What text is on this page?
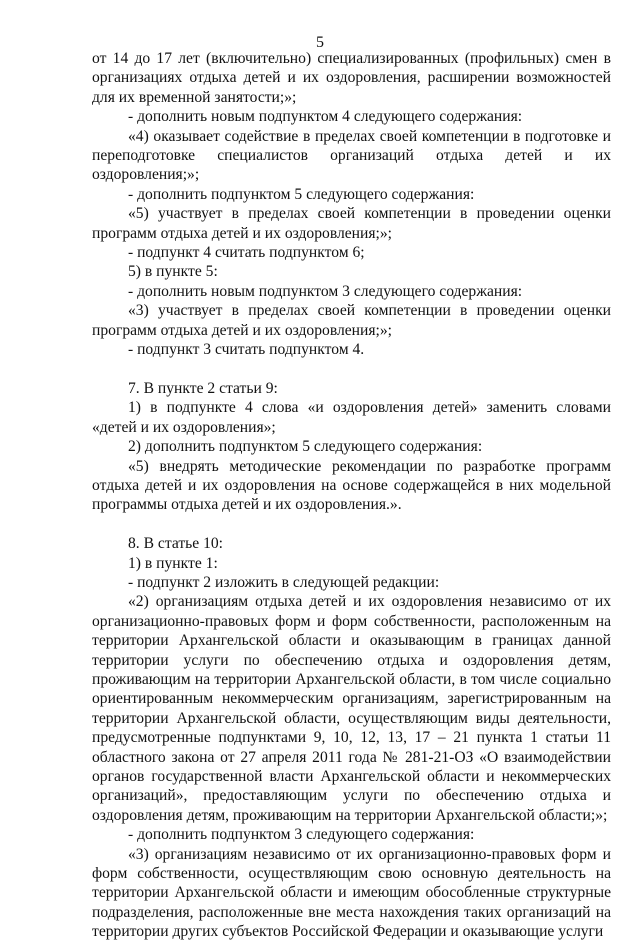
5

от 14 до 17 лет (включительно) специализированных (профильных) смен в организациях отдыха детей и их оздоровления, расширении возможностей для их временной занятости;»;

- дополнить новым подпунктом 4 следующего содержания:

«4) оказывает содействие в пределах своей компетенции в подготовке и переподготовке специалистов организаций отдыха детей и их оздоровления;»;

- дополнить подпунктом 5 следующего содержания:

«5) участвует в пределах своей компетенции в проведении оценки программ отдыха детей и их оздоровления;»;

- подпункт 4 считать подпунктом 6;

5) в пункте 5:

- дополнить новым подпунктом 3 следующего содержания:

«3) участвует в пределах своей компетенции в проведении оценки программ отдыха детей и их оздоровления;»;

- подпункт 3 считать подпунктом 4.

7. В пункте 2 статьи 9:

1) в подпункте 4 слова «и оздоровления детей» заменить словами «детей и их оздоровления»;

2) дополнить подпунктом 5 следующего содержания:

«5) внедрять методические рекомендации по разработке программ отдыха детей и их оздоровления на основе содержащейся в них модельной программы отдыха детей и их оздоровления.».

8. В статье 10:

1) в пункте 1:

- подпункт 2 изложить в следующей редакции:

«2) организациям отдыха детей и их оздоровления независимо от их организационно-правовых форм и форм собственности, расположенным на территории Архангельской области и оказывающим в границах данной территории услуги по обеспечению отдыха и оздоровления детям, проживающим на территории Архангельской области, в том числе социально ориентированным некоммерческим организациям, зарегистрированным на территории Архангельской области, осуществляющим виды деятельности, предусмотренные подпунктами 9, 10, 12, 13, 17 – 21 пункта 1 статьи 11 областного закона от 27 апреля 2011 года № 281-21-ОЗ «О взаимодействии органов государственной власти Архангельской области и некоммерческих организаций», предоставляющим услуги по обеспечению отдыха и оздоровления детям, проживающим на территории Архангельской области;»;

- дополнить подпунктом 3 следующего содержания:

«3) организациям независимо от их организационно-правовых форм и форм собственности, осуществляющим свою основную деятельность на территории Архангельской области и имеющим обособленные структурные подразделения, расположенные вне места нахождения таких организаций на территории других субъектов Российской Федерации и оказывающие услуги
